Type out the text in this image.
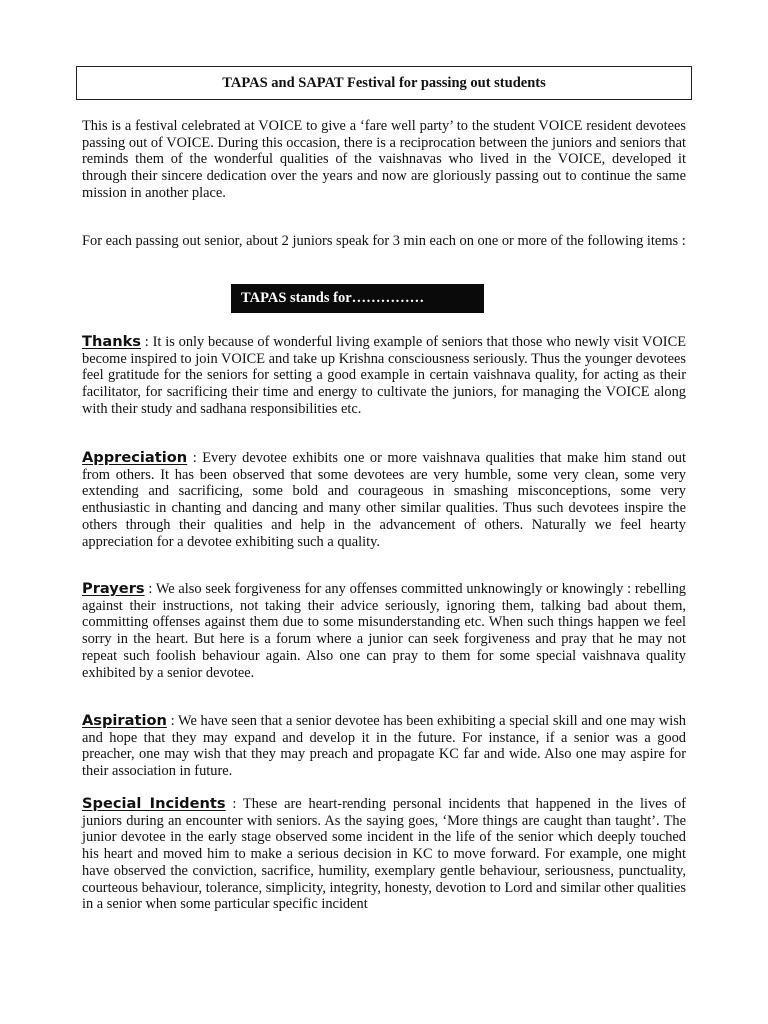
TAPAS and SAPAT Festival for passing out students

This is a festival celebrated at VOICE to give a ‘fare well party’ to the student VOICE resident devotees passing out of VOICE. During this occasion, there is a reciprocation between the juniors and seniors that reminds them of the wonderful qualities of the vaishnavas who lived in the VOICE, developed it through their sincere dedication over the years and now are gloriously passing out to continue the same mission in another place.

For each passing out senior, about 2 juniors speak for 3 min each on one or more of the following items :

TAPAS stands for……………

Thanks : It is only because of wonderful living example of seniors that those who newly visit VOICE become inspired to join VOICE and take up Krishna consciousness seriously. Thus the younger devotees feel gratitude for the seniors for setting a good example in certain vaishnava quality, for acting as their facilitator, for sacrificing their time and energy to cultivate the juniors, for managing the VOICE along with their study and sadhana responsibilities etc.

Appreciation : Every devotee exhibits one or more vaishnava qualities that make him stand out from others. It has been observed that some devotees are very humble, some very clean, some very extending and sacrificing, some bold and courageous in smashing misconceptions, some very enthusiastic in chanting and dancing and many other similar qualities. Thus such devotees inspire the others through their qualities and help in the advancement of others. Naturally we feel hearty appreciation for a devotee exhibiting such a quality.

Prayers : We also seek forgiveness for any offenses committed unknowingly or knowingly : rebelling against their instructions, not taking their advice seriously, ignoring them, talking bad about them, committing offenses against them due to some misunderstanding etc. When such things happen we feel sorry in the heart. But here is a forum where a junior can seek forgiveness and pray that he may not repeat such foolish behaviour again. Also one can pray to them for some special vaishnava quality exhibited by a senior devotee.

Aspiration : We have seen that a senior devotee has been exhibiting a special skill and one may wish and hope that they may expand and develop it in the future. For instance, if a senior was a good preacher, one may wish that they may preach and propagate KC far and wide. Also one may aspire for their association in future.

Special Incidents : These are heart-rending personal incidents that happened in the lives of juniors during an encounter with seniors. As the saying goes, ‘More things are caught than taught’. The junior devotee in the early stage observed some incident in the life of the senior which deeply touched his heart and moved him to make a serious decision in KC to move forward. For example, one might have observed the conviction, sacrifice, humility, exemplary gentle behaviour, seriousness, punctuality, courteous behaviour, tolerance, simplicity, integrity, honesty, devotion to Lord and similar other qualities in a senior when some particular specific incident
